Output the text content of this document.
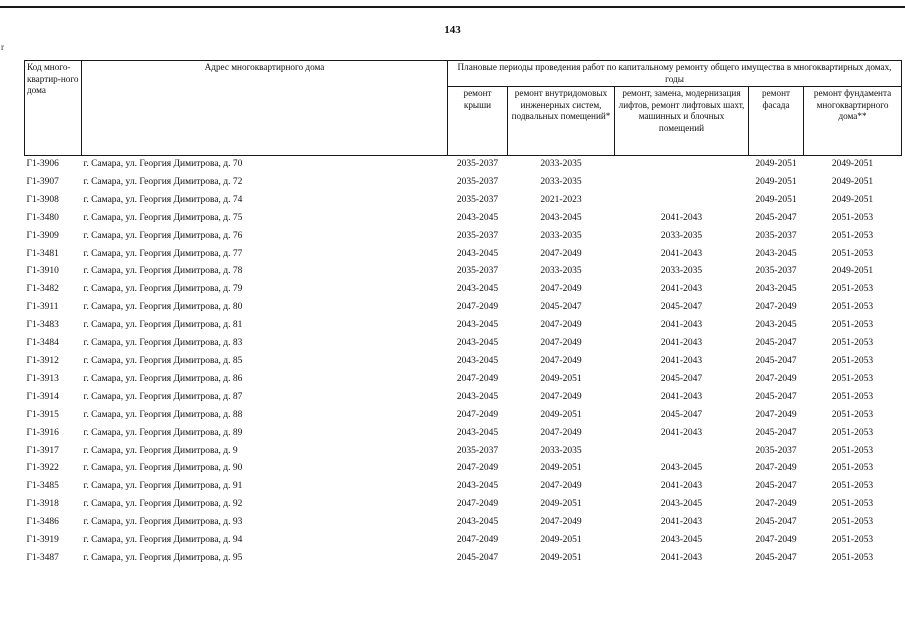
r
143
Код много-квартир-ного дома	Адрес многоквартирного дома	Плановые периоды проведения работ по капитальному ремонту общего имущества в многоквартирных домах, годы				
		ремонт крыши	ремонт внутридомовых инженерных систем, подвальных помещений*	ремонт, замена, модернизация лифтов, ремонт лифтовых шахт, машинных и блочных помещений	ремонт фасада	ремонт фундамента многоквартирного дома**
Г1-3906	г. Самара, ул. Георгия Димитрова, д. 70	2035-2037	2033-2035		2049-2051	2049-2051
Г1-3907	г. Самара, ул. Георгия Димитрова, д. 72	2035-2037	2033-2035		2049-2051	2049-2051
Г1-3908	г. Самара, ул. Георгия Димитрова, д. 74	2035-2037	2021-2023		2049-2051	2049-2051
Г1-3480	г. Самара, ул. Георгия Димитрова, д. 75	2043-2045	2043-2045	2041-2043	2045-2047	2051-2053
Г1-3909	г. Самара, ул. Георгия Димитрова, д. 76	2035-2037	2033-2035	2033-2035	2035-2037	2051-2053
Г1-3481	г. Самара, ул. Георгия Димитрова, д. 77	2043-2045	2047-2049	2041-2043	2043-2045	2051-2053
Г1-3910	г. Самара, ул. Георгия Димитрова, д. 78	2035-2037	2033-2035	2033-2035	2035-2037	2049-2051
Г1-3482	г. Самара, ул. Георгия Димитрова, д. 79	2043-2045	2047-2049	2041-2043	2043-2045	2051-2053
Г1-3911	г. Самара, ул. Георгия Димитрова, д. 80	2047-2049	2045-2047	2045-2047	2047-2049	2051-2053
Г1-3483	г. Самара, ул. Георгия Димитрова, д. 81	2043-2045	2047-2049	2041-2043	2043-2045	2051-2053
Г1-3484	г. Самара, ул. Георгия Димитрова, д. 83	2043-2045	2047-2049	2041-2043	2045-2047	2051-2053
Г1-3912	г. Самара, ул. Георгия Димитрова, д. 85	2043-2045	2047-2049	2041-2043	2045-2047	2051-2053
Г1-3913	г. Самара, ул. Георгия Димитрова, д. 86	2047-2049	2049-2051	2045-2047	2047-2049	2051-2053
Г1-3914	г. Самара, ул. Георгия Димитрова, д. 87	2043-2045	2047-2049	2041-2043	2045-2047	2051-2053
Г1-3915	г. Самара, ул. Георгия Димитрова, д. 88	2047-2049	2049-2051	2045-2047	2047-2049	2051-2053
Г1-3916	г. Самара, ул. Георгия Димитрова, д. 89	2043-2045	2047-2049	2041-2043	2045-2047	2051-2053
Г1-3917	г. Самара, ул. Георгия Димитрова, д. 9	2035-2037	2033-2035		2035-2037	2051-2053
Г1-3922	г. Самара, ул. Георгия Димитрова, д. 90	2047-2049	2049-2051	2043-2045	2047-2049	2051-2053
Г1-3485	г. Самара, ул. Георгия Димитрова, д. 91	2043-2045	2047-2049	2041-2043	2045-2047	2051-2053
Г1-3918	г. Самара, ул. Георгия Димитрова, д. 92	2047-2049	2049-2051	2043-2045	2047-2049	2051-2053
Г1-3486	г. Самара, ул. Георгия Димитрова, д. 93	2043-2045	2047-2049	2041-2043	2045-2047	2051-2053
Г1-3919	г. Самара, ул. Георгия Димитрова, д. 94	2047-2049	2049-2051	2043-2045	2047-2049	2051-2053
Г1-3487	г. Самара, ул. Георгия Димитрова, д. 95	2045-2047	2049-2051	2041-2043	2045-2047	2051-2053
